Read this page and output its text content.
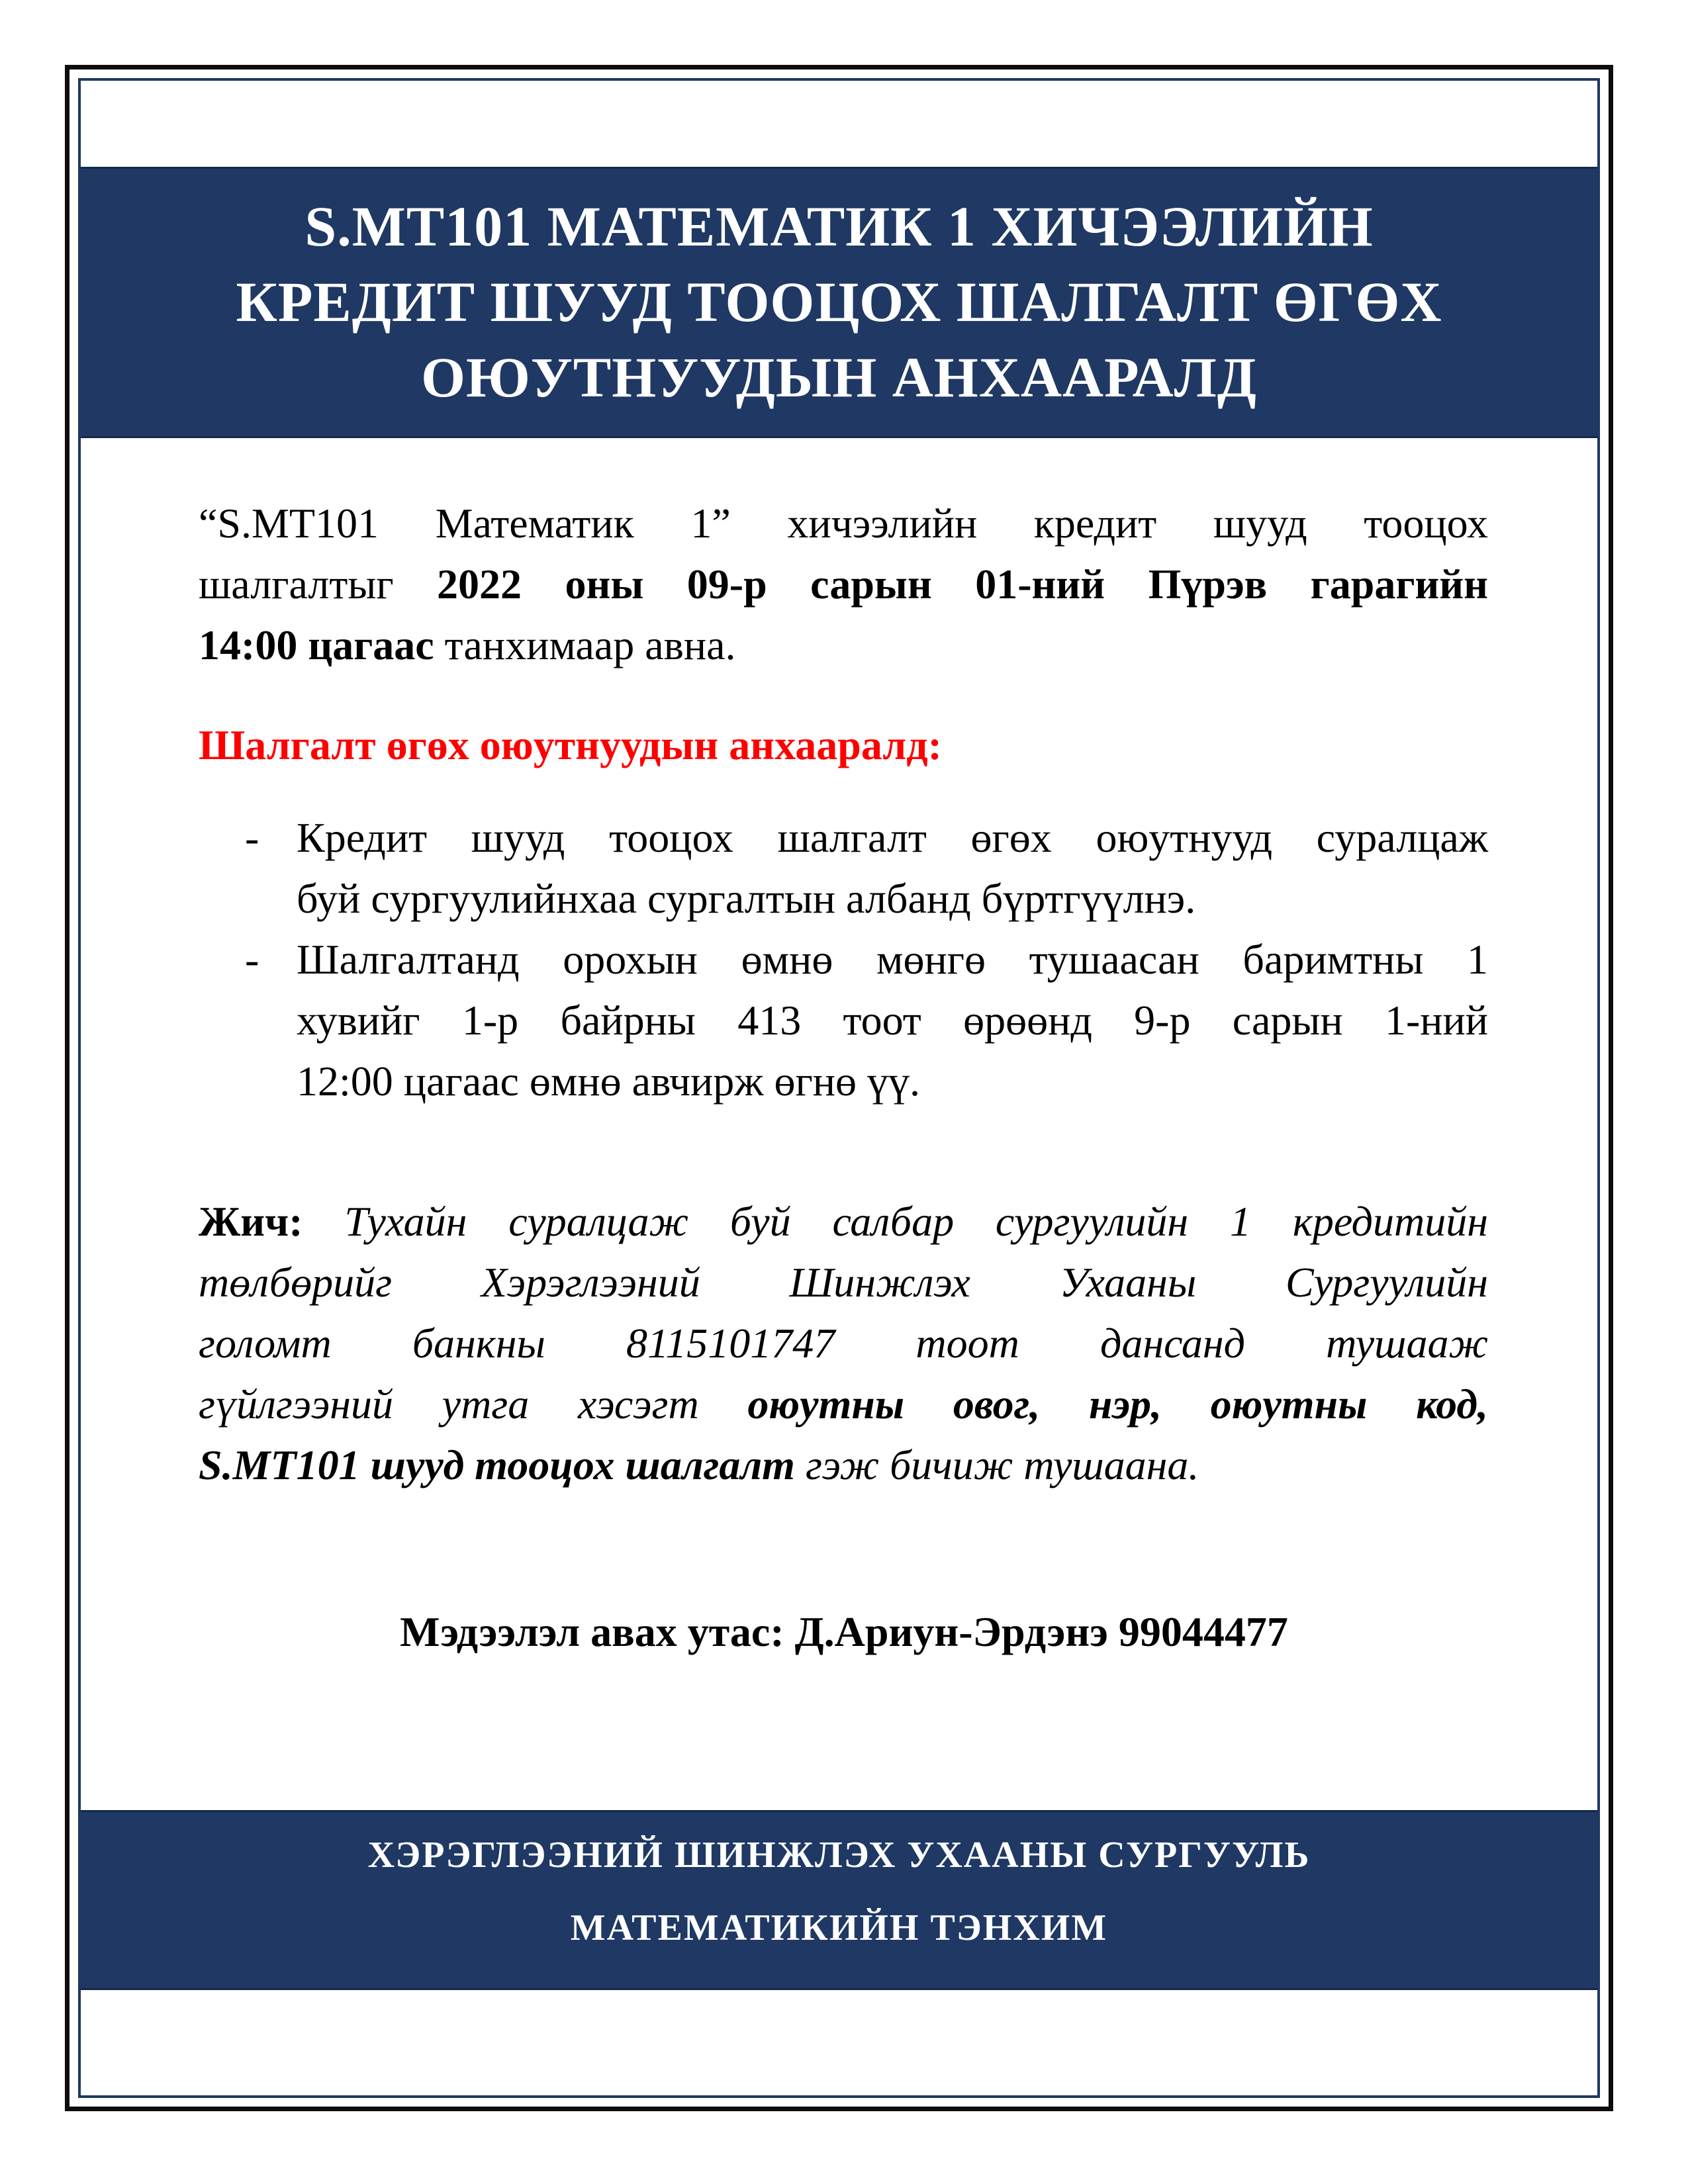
S.MT101 МАТЕМАТИК 1 ХИЧЭЭЛИЙН
КРЕДИТ ШУУД ТООЦОХ ШАЛГАЛТ ӨГӨХ
ОЮУТНУУДЫН АНХААРАЛД

“S.MT101 Математик 1” хичээлийн кредит шууд тооцох
шалгалтыг 2022 оны 09-р сарын 01-ний Пүрэв гарагийн
14:00 цагаас танхимаар авна.

Шалгалт өгөх оюутнуудын анхааралд:

- Кредит шууд тооцох шалгалт өгөх оюутнууд суралцаж
буй сургуулийнхаа сургалтын албанд бүртгүүлнэ.
- Шалгалтанд орохын өмнө мөнгө тушаасан баримтны 1
хувийг 1-р байрны 413 тоот өрөөнд 9-р сарын 1-ний
12:00 цагаас өмнө авчирж өгнө үү.

Жич: Тухайн суралцаж буй салбар сургуулийн 1 кредитийн
төлбөрийг Хэрэглээний Шинжлэх Ухааны Сургуулийн
голомт банкны 8115101747 тоот дансанд тушааж
гүйлгээний утга хэсэгт оюутны овог, нэр, оюутны код,
S.MT101 шууд тооцох шалгалт гэж бичиж тушаана.

Мэдээлэл авах утас: Д.Ариун-Эрдэнэ 99044477

ХЭРЭГЛЭЭНИЙ ШИНЖЛЭХ УХААНЫ СУРГУУЛЬ

МАТЕМАТИКИЙН ТЭНХИМ
